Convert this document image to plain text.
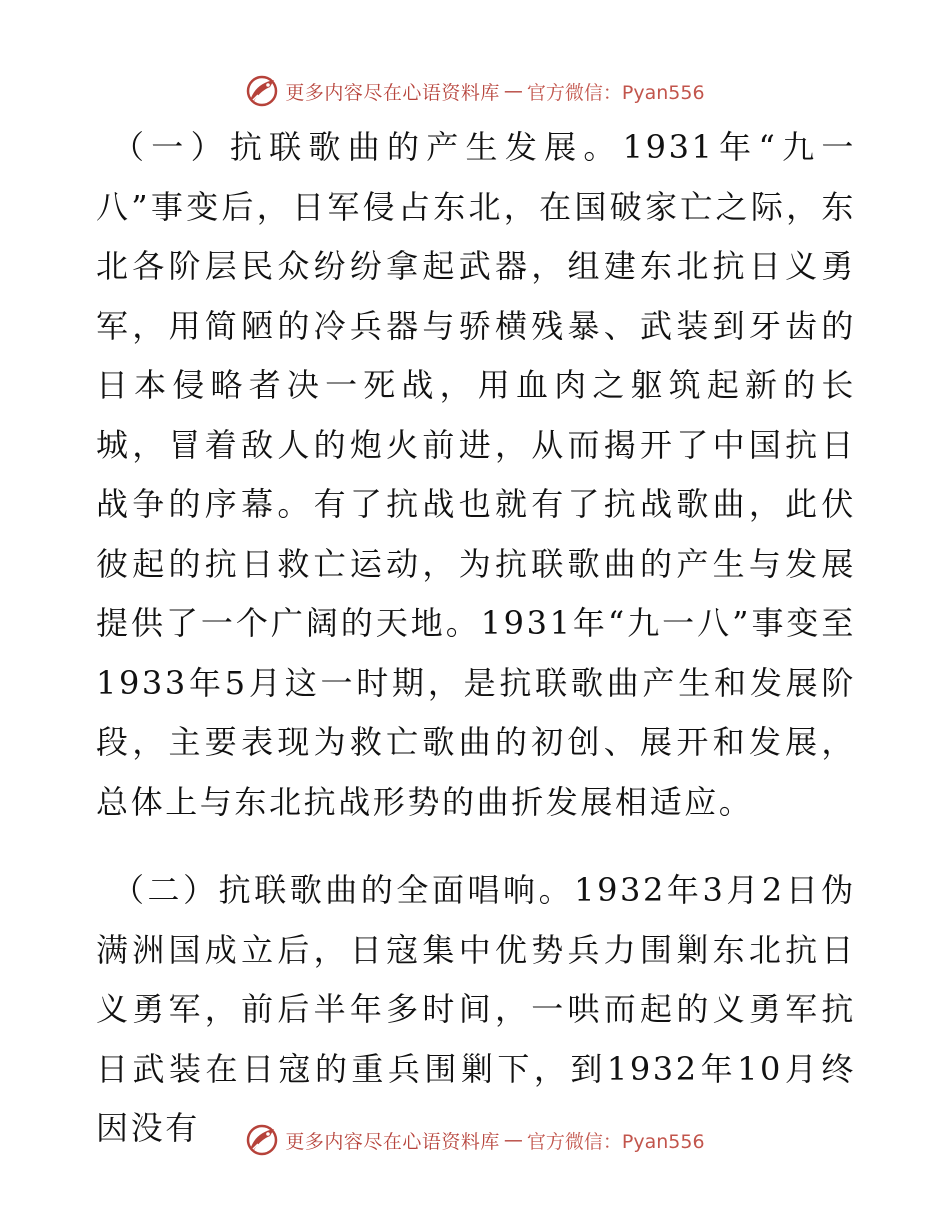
更多内容尽在心语资料库 — 官方微信：Pyan556

（一）抗联歌曲的产生发展。1931年“九一八”事变后，日军侵占东北，在国破家亡之际，东北各阶层民众纷纷拿起武器，组建东北抗日义勇军，用简陋的冷兵器与骄横残暴、武装到牙齿的日本侵略者决一死战，用血肉之躯筑起新的长城，冒着敌人的炮火前进，从而揭开了中国抗日战争的序幕。有了抗战也就有了抗战歌曲，此伏彼起的抗日救亡运动，为抗联歌曲的产生与发展提供了一个广阔的天地。1931年“九一八”事变至1933年5月这一时期，是抗联歌曲产生和发展阶段，主要表现为救亡歌曲的初创、展开和发展，总体上与东北抗战形势的曲折发展相适应。

（二）抗联歌曲的全面唱响。1932年3月2日伪满洲国成立后，日寇集中优势兵力围剿东北抗日义勇军，前后半年多时间，一哄而起的义勇军抗日武装在日寇的重兵围剿下，到1932年10月终因没有	更多内容尽在心语资料库 — 官方微信：Pyan556
